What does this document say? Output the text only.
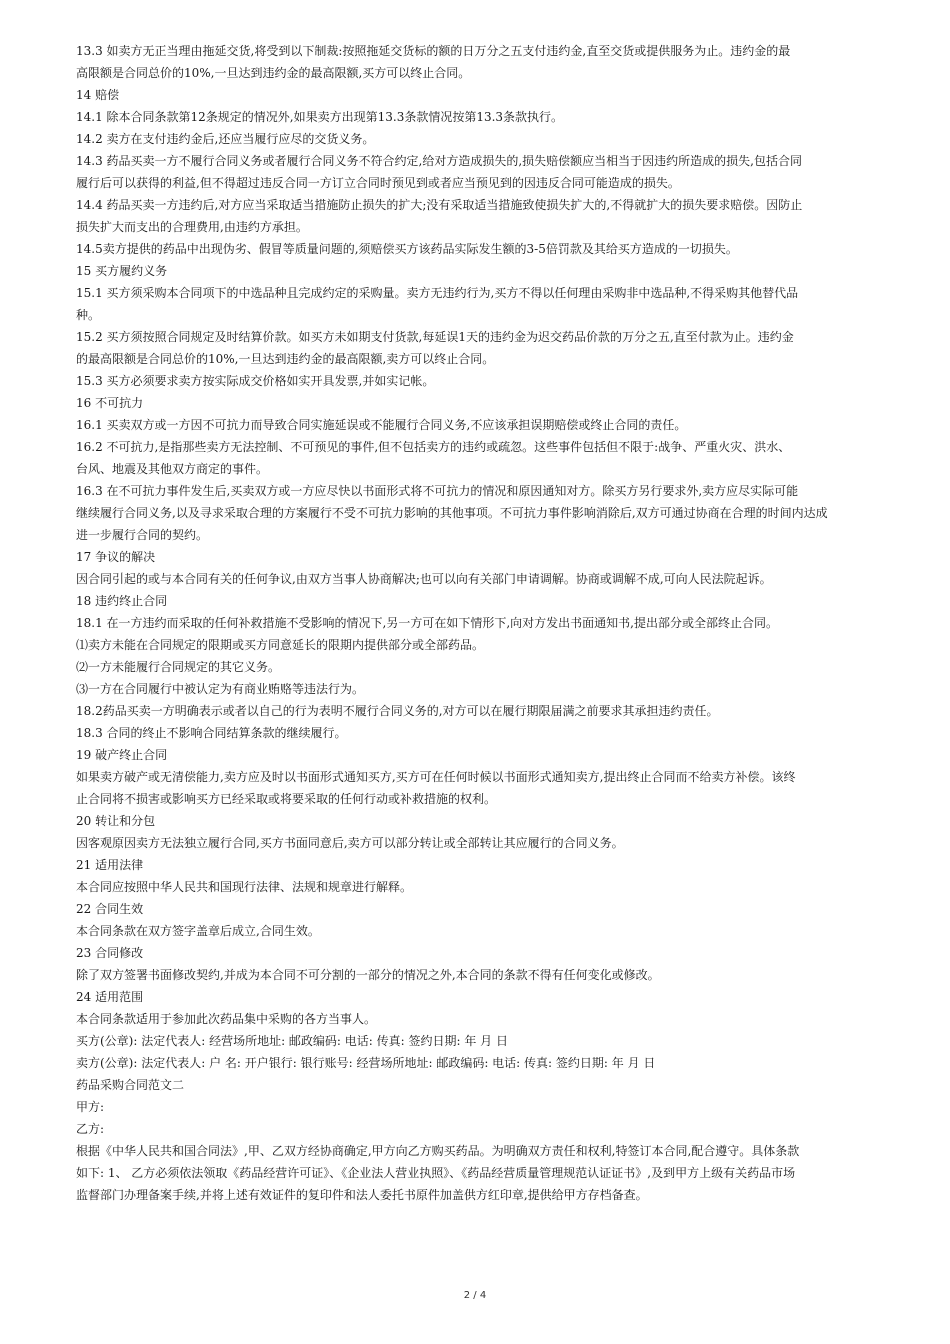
13.3 如卖方无正当理由拖延交货,将受到以下制裁:按照拖延交货标的额的日万分之五支付违约金,直至交货或提供服务为止。违约金的最
高限额是合同总价的10%,一旦达到违约金的最高限额,买方可以终止合同。
14 赔偿
14.1 除本合同条款第12条规定的情况外,如果卖方出现第13.3条款情况按第13.3条款执行。
14.2 卖方在支付违约金后,还应当履行应尽的交货义务。
14.3 药品买卖一方不履行合同义务或者履行合同义务不符合约定,给对方造成损失的,损失赔偿额应当相当于因违约所造成的损失,包括合同
履行后可以获得的利益,但不得超过违反合同一方订立合同时预见到或者应当预见到的因违反合同可能造成的损失。
14.4 药品买卖一方违约后,对方应当采取适当措施防止损失的扩大;没有采取适当措施致使损失扩大的,不得就扩大的损失要求赔偿。因防止
损失扩大而支出的合理费用,由违约方承担。
14.5卖方提供的药品中出现伪劣、假冒等质量问题的,须赔偿买方该药品实际发生额的3-5倍罚款及其给买方造成的一切损失。
15 买方履约义务
15.1 买方须采购本合同项下的中选品种且完成约定的采购量。卖方无违约行为,买方不得以任何理由采购非中选品种,不得采购其他替代品
种。
15.2 买方须按照合同规定及时结算价款。如买方未如期支付货款,每延误1天的违约金为迟交药品价款的万分之五,直至付款为止。违约金
的最高限额是合同总价的10%,一旦达到违约金的最高限额,卖方可以终止合同。
15.3 买方必须要求卖方按实际成交价格如实开具发票,并如实记帐。
16 不可抗力
16.1 买卖双方或一方因不可抗力而导致合同实施延误或不能履行合同义务,不应该承担误期赔偿或终止合同的责任。
16.2 不可抗力,是指那些卖方无法控制、不可预见的事件,但不包括卖方的违约或疏忽。这些事件包括但不限于:战争、严重火灾、洪水、
台风、地震及其他双方商定的事件。
16.3 在不可抗力事件发生后,买卖双方或一方应尽快以书面形式将不可抗力的情况和原因通知对方。除买方另行要求外,卖方应尽实际可能
继续履行合同义务,以及寻求采取合理的方案履行不受不可抗力影响的其他事项。不可抗力事件影响消除后,双方可通过协商在合理的时间内达成
进一步履行合同的契约。
17 争议的解决
因合同引起的或与本合同有关的任何争议,由双方当事人协商解决;也可以向有关部门申请调解。协商或调解不成,可向人民法院起诉。
18 违约终止合同
18.1 在一方违约而采取的任何补救措施不受影响的情况下,另一方可在如下情形下,向对方发出书面通知书,提出部分或全部终止合同。
⑴卖方未能在合同规定的限期或买方同意延长的限期内提供部分或全部药品。
⑵一方未能履行合同规定的其它义务。
⑶一方在合同履行中被认定为有商业贿赂等违法行为。
18.2药品买卖一方明确表示或者以自己的行为表明不履行合同义务的,对方可以在履行期限届满之前要求其承担违约责任。
18.3 合同的终止不影响合同结算条款的继续履行。
19 破产终止合同
如果卖方破产或无清偿能力,卖方应及时以书面形式通知买方,买方可在任何时候以书面形式通知卖方,提出终止合同而不给卖方补偿。该终
止合同将不损害或影响买方已经采取或将要采取的任何行动或补救措施的权利。
20 转让和分包
因客观原因卖方无法独立履行合同,买方书面同意后,卖方可以部分转让或全部转让其应履行的合同义务。
21 适用法律
本合同应按照中华人民共和国现行法律、法规和规章进行解释。
22 合同生效
本合同条款在双方签字盖章后成立,合同生效。
23 合同修改
除了双方签署书面修改契约,并成为本合同不可分割的一部分的情况之外,本合同的条款不得有任何变化或修改。
24 适用范围
本合同条款适用于参加此次药品集中采购的各方当事人。
买方(公章): 法定代表人: 经营场所地址: 邮政编码: 电话: 传真: 签约日期: 年 月 日
卖方(公章): 法定代表人: 户 名: 开户银行: 银行账号: 经营场所地址: 邮政编码: 电话: 传真: 签约日期: 年 月 日
药品采购合同范文二
甲方:
乙方:
根据《中华人民共和国合同法》,甲、乙双方经协商确定,甲方向乙方购买药品。为明确双方责任和权利,特签订本合同,配合遵守。具体条款
如下: 1、 乙方必须依法领取《药品经营许可证》、《企业法人营业执照》、《药品经营质量管理规范认证证书》,及到甲方上级有关药品市场
监督部门办理备案手续,并将上述有效证件的复印件和法人委托书原件加盖供方红印章,提供给甲方存档备查。
2 / 4
